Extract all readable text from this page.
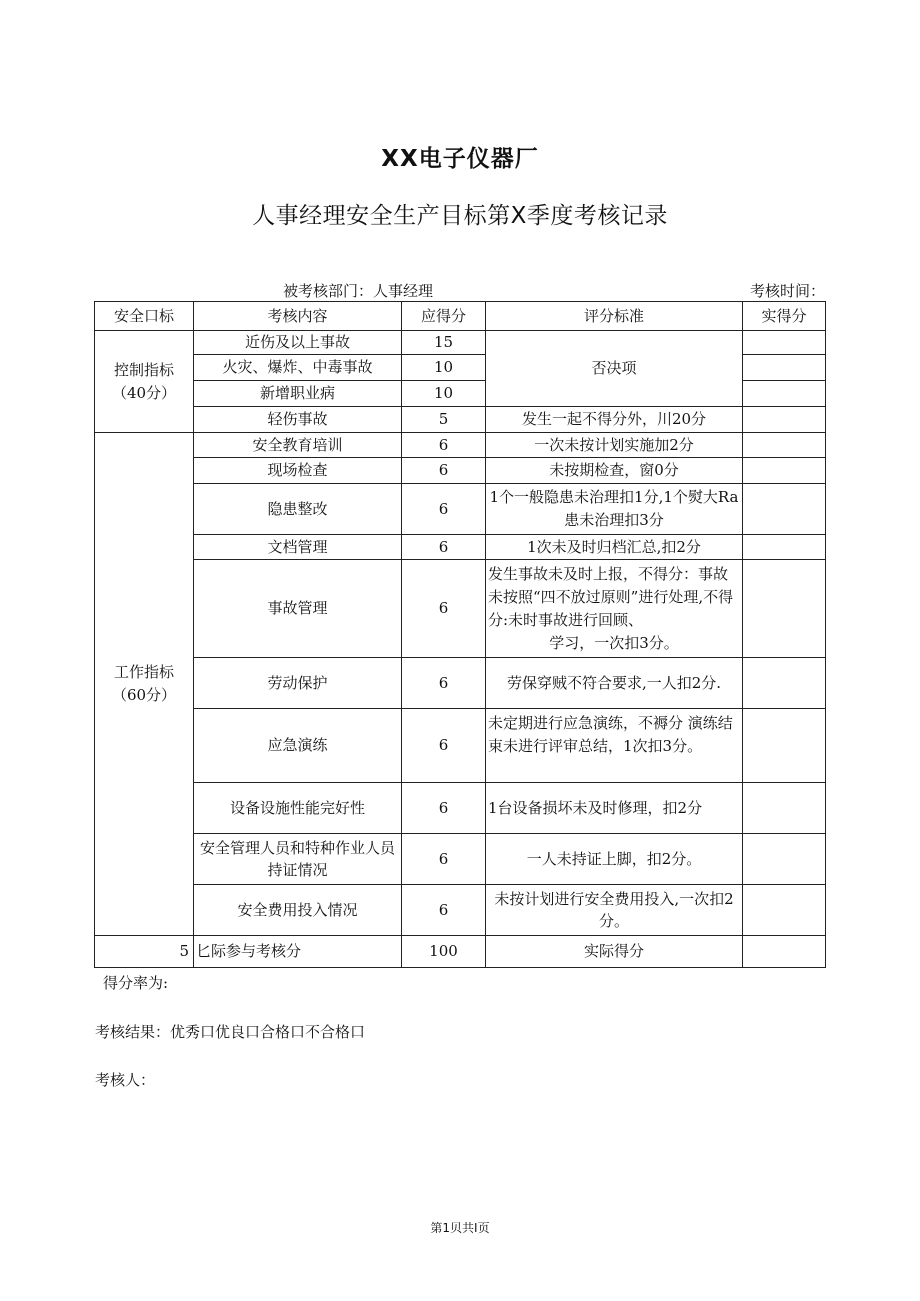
XX电子仪器厂
人事经理安全生产目标第X季度考核记录
被考核部门：人事经理	考核时间：
安全口标	考核内容	应得分	评分标准	实得分
控制指标（40分）	近伤及以上事故	15	否决项	
	火灾、爆炸、中毒事故	10		
	新增职业病	10		
	轻伤事故	5	发生一起不得分外，川20分	
工作指标（60分）	安全教育培训	6	一次未按计划实施加2分	
	现场检查	6	未按期检查，窗0分	
	隐患整改	6	1个一般隐患未治理扣1分,1个熨大Ra患未治理扣3分	
	文档管理	6	1次未及时归档汇总,扣2分	
	事故管理	6	发生事故未及时上报，不得分：事故未按照“四不放过原则”进行处理,不得分:未时事故进行回顾、
学习，一次扣3分。	

	劳动保护	6	劳保穿贼不符合要求,一人扣2分.	
	应急演练	6	未定期进行应急演练，不褥分 演练结束未进行评审总结，1次扣3分。	
	设备设施性能完好性	6	1台设备损坏未及时修理，扣2分	
	安全管理人员和特种作业人员持证情况	6	一人未持证上脚，扣2分。	
	安全费用投入情况	6	未按计划进行安全费用投入,一次扣2分。	
5	匕际参与考核分	100	实际得分	
得分率为:
考核结果：优秀口优良口合格口不合格口
考核人：
第1贝共I页
